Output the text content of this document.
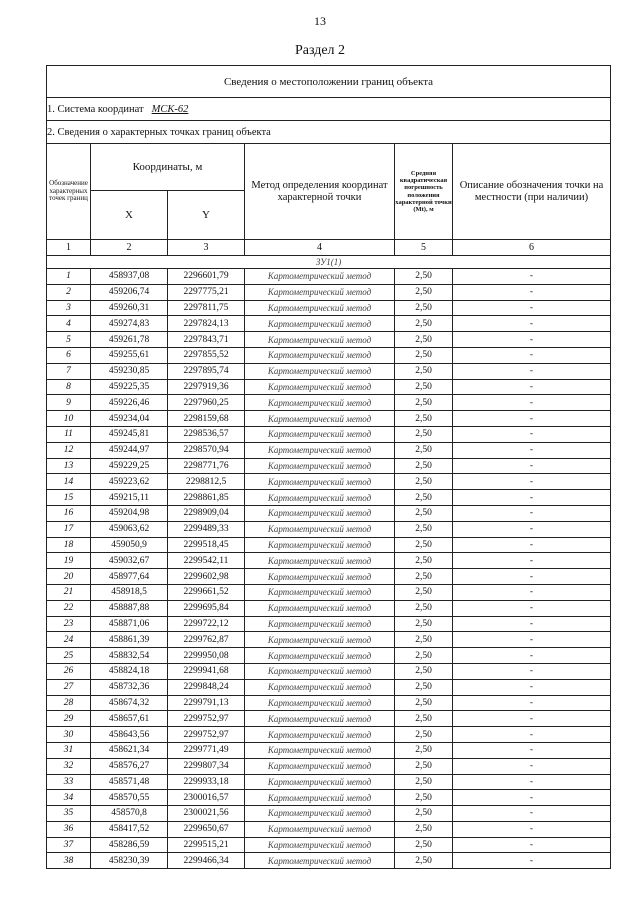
13
Раздел 2
Сведения о местоположении границ объекта					
1. Система координат МСК-62					
2. Сведения о характерных точках границ объекта					
Обозначение характерных точек границ	Координаты, м		Метод определения координат характерной точки	Средняя квадратическая погрешность положения характерной точки (Mt), м	Описание обозначения точки на местности (при наличии)
	X	Y			
1	2	3	4	5	6
ЗУ1(1)					
1	458937,08	2296601,79	Картометрический метод	2,50	-
2	459206,74	2297775,21	Картометрический метод	2,50	-
3	459260,31	2297811,75	Картометрический метод	2,50	-
4	459274,83	2297824,13	Картометрический метод	2,50	-
5	459261,78	2297843,71	Картометрический метод	2,50	-
6	459255,61	2297855,52	Картометрический метод	2,50	-
7	459230,85	2297895,74	Картометрический метод	2,50	-
8	459225,35	2297919,36	Картометрический метод	2,50	-
9	459226,46	2297960,25	Картометрический метод	2,50	-
10	459234,04	2298159,68	Картометрический метод	2,50	-
11	459245,81	2298536,57	Картометрический метод	2,50	-
12	459244,97	2298570,94	Картометрический метод	2,50	-
13	459229,25	2298771,76	Картометрический метод	2,50	-
14	459223,62	2298812,5	Картометрический метод	2,50	-
15	459215,11	2298861,85	Картометрический метод	2,50	-
16	459204,98	2298909,04	Картометрический метод	2,50	-
17	459063,62	2299489,33	Картометрический метод	2,50	-
18	459050,9	2299518,45	Картометрический метод	2,50	-
19	459032,67	2299542,11	Картометрический метод	2,50	-
20	458977,64	2299602,98	Картометрический метод	2,50	-
21	458918,5	2299661,52	Картометрический метод	2,50	-
22	458887,88	2299695,84	Картометрический метод	2,50	-
23	458871,06	2299722,12	Картометрический метод	2,50	-
24	458861,39	2299762,87	Картометрический метод	2,50	-
25	458832,54	2299950,08	Картометрический метод	2,50	-
26	458824,18	2299941,68	Картометрический метод	2,50	-
27	458732,36	2299848,24	Картометрический метод	2,50	-
28	458674,32	2299791,13	Картометрический метод	2,50	-
29	458657,61	2299752,97	Картометрический метод	2,50	-
30	458643,56	2299752,97	Картометрический метод	2,50	-
31	458621,34	2299771,49	Картометрический метод	2,50	-
32	458576,27	2299807,34	Картометрический метод	2,50	-
33	458571,48	2299933,18	Картометрический метод	2,50	-
34	458570,55	2300016,57	Картометрический метод	2,50	-
35	458570,8	2300021,56	Картометрический метод	2,50	-
36	458417,52	2299650,67	Картометрический метод	2,50	-
37	458286,59	2299515,21	Картометрический метод	2,50	-
38	458230,39	2299466,34	Картометрический метод	2,50	-
